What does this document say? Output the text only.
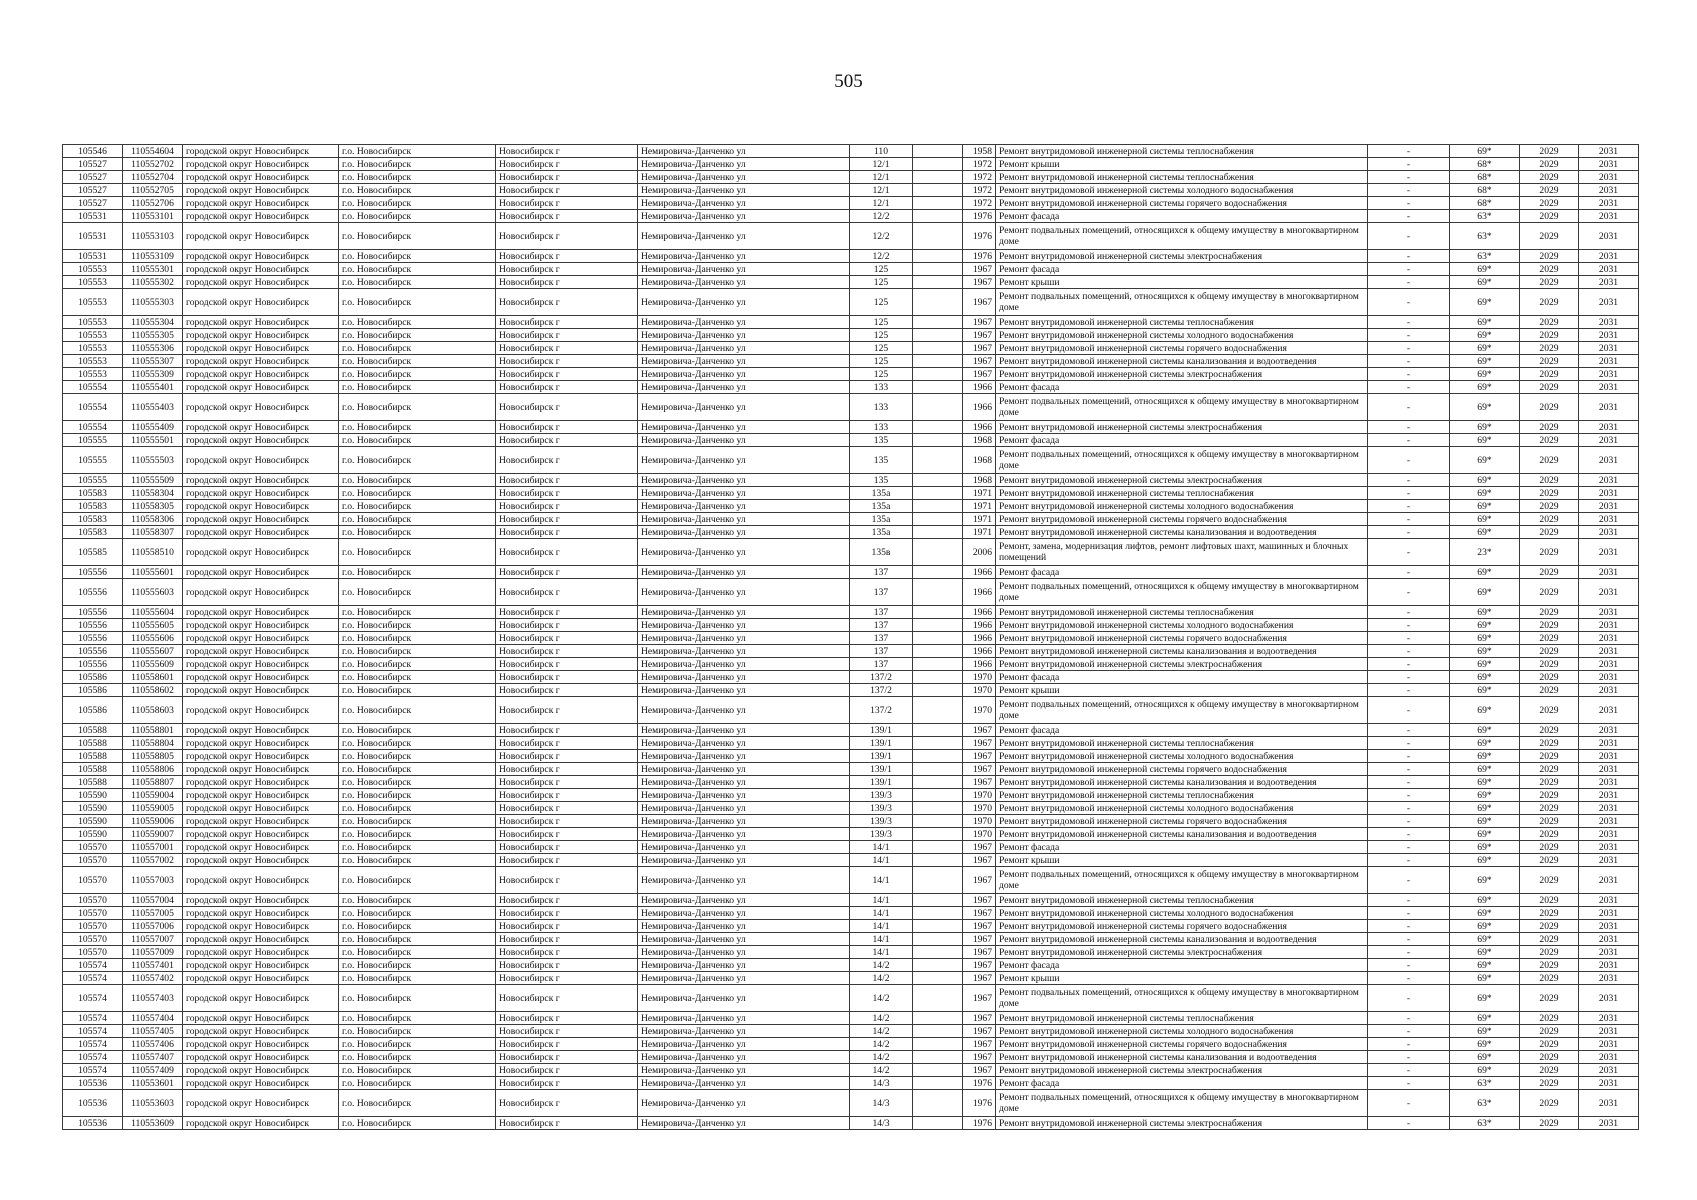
505
105546	110554604	городской округ Новосибирск	г.о. Новосибирск	Новосибирск г	Немировича-Данченко ул	110		1958	Ремонт внутридомовой инженерной системы теплоснабжения	-	69*	2029	2031
105527	110552702	городской округ Новосибирск	г.о. Новосибирск	Новосибирск г	Немировича-Данченко ул	12/1		1972	Ремонт крыши	-	68*	2029	2031
105527	110552704	городской округ Новосибирск	г.о. Новосибирск	Новосибирск г	Немировича-Данченко ул	12/1		1972	Ремонт внутридомовой инженерной системы теплоснабжения	-	68*	2029	2031
105527	110552705	городской округ Новосибирск	г.о. Новосибирск	Новосибирск г	Немировича-Данченко ул	12/1		1972	Ремонт внутридомовой инженерной системы холодного водоснабжения	-	68*	2029	2031
105527	110552706	городской округ Новосибирск	г.о. Новосибирск	Новосибирск г	Немировича-Данченко ул	12/1		1972	Ремонт внутридомовой инженерной системы горячего водоснабжения	-	68*	2029	2031
105531	110553101	городской округ Новосибирск	г.о. Новосибирск	Новосибирск г	Немировича-Данченко ул	12/2		1976	Ремонт фасада	-	63*	2029	2031
105531	110553103	городской округ Новосибирск	г.о. Новосибирск	Новосибирск г	Немировича-Данченко ул	12/2		1976	Ремонт подвальных помещений, относящихся к общему имуществу в многоквартирном доме	-	63*	2029	2031
105531	110553109	городской округ Новосибирск	г.о. Новосибирск	Новосибирск г	Немировича-Данченко ул	12/2		1976	Ремонт внутридомовой инженерной системы электроснабжения	-	63*	2029	2031
105553	110555301	городской округ Новосибирск	г.о. Новосибирск	Новосибирск г	Немировича-Данченко ул	125		1967	Ремонт фасада	-	69*	2029	2031
105553	110555302	городской округ Новосибирск	г.о. Новосибирск	Новосибирск г	Немировича-Данченко ул	125		1967	Ремонт крыши	-	69*	2029	2031
105553	110555303	городской округ Новосибирск	г.о. Новосибирск	Новосибирск г	Немировича-Данченко ул	125		1967	Ремонт подвальных помещений, относящихся к общему имуществу в многоквартирном доме	-	69*	2029	2031
105553	110555304	городской округ Новосибирск	г.о. Новосибирск	Новосибирск г	Немировича-Данченко ул	125		1967	Ремонт внутридомовой инженерной системы теплоснабжения	-	69*	2029	2031
105553	110555305	городской округ Новосибирск	г.о. Новосибирск	Новосибирск г	Немировича-Данченко ул	125		1967	Ремонт внутридомовой инженерной системы холодного водоснабжения	-	69*	2029	2031
105553	110555306	городской округ Новосибирск	г.о. Новосибирск	Новосибирск г	Немировича-Данченко ул	125		1967	Ремонт внутридомовой инженерной системы горячего водоснабжения	-	69*	2029	2031
105553	110555307	городской округ Новосибирск	г.о. Новосибирск	Новосибирск г	Немировича-Данченко ул	125		1967	Ремонт внутридомовой инженерной системы канализования и водоотведения	-	69*	2029	2031
105553	110555309	городской округ Новосибирск	г.о. Новосибирск	Новосибирск г	Немировича-Данченко ул	125		1967	Ремонт внутридомовой инженерной системы электроснабжения	-	69*	2029	2031
105554	110555401	городской округ Новосибирск	г.о. Новосибирск	Новосибирск г	Немировича-Данченко ул	133		1966	Ремонт фасада	-	69*	2029	2031
105554	110555403	городской округ Новосибирск	г.о. Новосибирск	Новосибирск г	Немировича-Данченко ул	133		1966	Ремонт подвальных помещений, относящихся к общему имуществу в многоквартирном доме	-	69*	2029	2031
105554	110555409	городской округ Новосибирск	г.о. Новосибирск	Новосибирск г	Немировича-Данченко ул	133		1966	Ремонт внутридомовой инженерной системы электроснабжения	-	69*	2029	2031
105555	110555501	городской округ Новосибирск	г.о. Новосибирск	Новосибирск г	Немировича-Данченко ул	135		1968	Ремонт фасада	-	69*	2029	2031
105555	110555503	городской округ Новосибирск	г.о. Новосибирск	Новосибирск г	Немировича-Данченко ул	135		1968	Ремонт подвальных помещений, относящихся к общему имуществу в многоквартирном доме	-	69*	2029	2031
105555	110555509	городской округ Новосибирск	г.о. Новосибирск	Новосибирск г	Немировича-Данченко ул	135		1968	Ремонт внутридомовой инженерной системы электроснабжения	-	69*	2029	2031
105583	110558304	городской округ Новосибирск	г.о. Новосибирск	Новосибирск г	Немировича-Данченко ул	135а		1971	Ремонт внутридомовой инженерной системы теплоснабжения	-	69*	2029	2031
105583	110558305	городской округ Новосибирск	г.о. Новосибирск	Новосибирск г	Немировича-Данченко ул	135а		1971	Ремонт внутридомовой инженерной системы холодного водоснабжения	-	69*	2029	2031
105583	110558306	городской округ Новосибирск	г.о. Новосибирск	Новосибирск г	Немировича-Данченко ул	135а		1971	Ремонт внутридомовой инженерной системы горячего водоснабжения	-	69*	2029	2031
105583	110558307	городской округ Новосибирск	г.о. Новосибирск	Новосибирск г	Немировича-Данченко ул	135а		1971	Ремонт внутридомовой инженерной системы канализования и водоотведения	-	69*	2029	2031
105585	110558510	городской округ Новосибирск	г.о. Новосибирск	Новосибирск г	Немировича-Данченко ул	135в		2006	Ремонт, замена, модернизация лифтов, ремонт лифтовых шахт, машинных и блочных помещений	-	23*	2029	2031
105556	110555601	городской округ Новосибирск	г.о. Новосибирск	Новосибирск г	Немировича-Данченко ул	137		1966	Ремонт фасада	-	69*	2029	2031
105556	110555603	городской округ Новосибирск	г.о. Новосибирск	Новосибирск г	Немировича-Данченко ул	137		1966	Ремонт подвальных помещений, относящихся к общему имуществу в многоквартирном доме	-	69*	2029	2031
105556	110555604	городской округ Новосибирск	г.о. Новосибирск	Новосибирск г	Немировича-Данченко ул	137		1966	Ремонт внутридомовой инженерной системы теплоснабжения	-	69*	2029	2031
105556	110555605	городской округ Новосибирск	г.о. Новосибирск	Новосибирск г	Немировича-Данченко ул	137		1966	Ремонт внутридомовой инженерной системы холодного водоснабжения	-	69*	2029	2031
105556	110555606	городской округ Новосибирск	г.о. Новосибирск	Новосибирск г	Немировича-Данченко ул	137		1966	Ремонт внутридомовой инженерной системы горячего водоснабжения	-	69*	2029	2031
105556	110555607	городской округ Новосибирск	г.о. Новосибирск	Новосибирск г	Немировича-Данченко ул	137		1966	Ремонт внутридомовой инженерной системы канализования и водоотведения	-	69*	2029	2031
105556	110555609	городской округ Новосибирск	г.о. Новосибирск	Новосибирск г	Немировича-Данченко ул	137		1966	Ремонт внутридомовой инженерной системы электроснабжения	-	69*	2029	2031
105586	110558601	городской округ Новосибирск	г.о. Новосибирск	Новосибирск г	Немировича-Данченко ул	137/2		1970	Ремонт фасада	-	69*	2029	2031
105586	110558602	городской округ Новосибирск	г.о. Новосибирск	Новосибирск г	Немировича-Данченко ул	137/2		1970	Ремонт крыши	-	69*	2029	2031
105586	110558603	городской округ Новосибирск	г.о. Новосибирск	Новосибирск г	Немировича-Данченко ул	137/2		1970	Ремонт подвальных помещений, относящихся к общему имуществу в многоквартирном доме	-	69*	2029	2031
105588	110558801	городской округ Новосибирск	г.о. Новосибирск	Новосибирск г	Немировича-Данченко ул	139/1		1967	Ремонт фасада	-	69*	2029	2031
105588	110558804	городской округ Новосибирск	г.о. Новосибирск	Новосибирск г	Немировича-Данченко ул	139/1		1967	Ремонт внутридомовой инженерной системы теплоснабжения	-	69*	2029	2031
105588	110558805	городской округ Новосибирск	г.о. Новосибирск	Новосибирск г	Немировича-Данченко ул	139/1		1967	Ремонт внутридомовой инженерной системы холодного водоснабжения	-	69*	2029	2031
105588	110558806	городской округ Новосибирск	г.о. Новосибирск	Новосибирск г	Немировича-Данченко ул	139/1		1967	Ремонт внутридомовой инженерной системы горячего водоснабжения	-	69*	2029	2031
105588	110558807	городской округ Новосибирск	г.о. Новосибирск	Новосибирск г	Немировича-Данченко ул	139/1		1967	Ремонт внутридомовой инженерной системы канализования и водоотведения	-	69*	2029	2031
105590	110559004	городской округ Новосибирск	г.о. Новосибирск	Новосибирск г	Немировича-Данченко ул	139/3		1970	Ремонт внутридомовой инженерной системы теплоснабжения	-	69*	2029	2031
105590	110559005	городской округ Новосибирск	г.о. Новосибирск	Новосибирск г	Немировича-Данченко ул	139/3		1970	Ремонт внутридомовой инженерной системы холодного водоснабжения	-	69*	2029	2031
105590	110559006	городской округ Новосибирск	г.о. Новосибирск	Новосибирск г	Немировича-Данченко ул	139/3		1970	Ремонт внутридомовой инженерной системы горячего водоснабжения	-	69*	2029	2031
105590	110559007	городской округ Новосибирск	г.о. Новосибирск	Новосибирск г	Немировича-Данченко ул	139/3		1970	Ремонт внутридомовой инженерной системы канализования и водоотведения	-	69*	2029	2031
105570	110557001	городской округ Новосибирск	г.о. Новосибирск	Новосибирск г	Немировича-Данченко ул	14/1		1967	Ремонт фасада	-	69*	2029	2031
105570	110557002	городской округ Новосибирск	г.о. Новосибирск	Новосибирск г	Немировича-Данченко ул	14/1		1967	Ремонт крыши	-	69*	2029	2031
105570	110557003	городской округ Новосибирск	г.о. Новосибирск	Новосибирск г	Немировича-Данченко ул	14/1		1967	Ремонт подвальных помещений, относящихся к общему имуществу в многоквартирном доме	-	69*	2029	2031
105570	110557004	городской округ Новосибирск	г.о. Новосибирск	Новосибирск г	Немировича-Данченко ул	14/1		1967	Ремонт внутридомовой инженерной системы теплоснабжения	-	69*	2029	2031
105570	110557005	городской округ Новосибирск	г.о. Новосибирск	Новосибирск г	Немировича-Данченко ул	14/1		1967	Ремонт внутридомовой инженерной системы холодного водоснабжения	-	69*	2029	2031
105570	110557006	городской округ Новосибирск	г.о. Новосибирск	Новосибирск г	Немировича-Данченко ул	14/1		1967	Ремонт внутридомовой инженерной системы горячего водоснабжения	-	69*	2029	2031
105570	110557007	городской округ Новосибирск	г.о. Новосибирск	Новосибирск г	Немировича-Данченко ул	14/1		1967	Ремонт внутридомовой инженерной системы канализования и водоотведения	-	69*	2029	2031
105570	110557009	городской округ Новосибирск	г.о. Новосибирск	Новосибирск г	Немировича-Данченко ул	14/1		1967	Ремонт внутридомовой инженерной системы электроснабжения	-	69*	2029	2031
105574	110557401	городской округ Новосибирск	г.о. Новосибирск	Новосибирск г	Немировича-Данченко ул	14/2		1967	Ремонт фасада	-	69*	2029	2031
105574	110557402	городской округ Новосибирск	г.о. Новосибирск	Новосибирск г	Немировича-Данченко ул	14/2		1967	Ремонт крыши	-	69*	2029	2031
105574	110557403	городской округ Новосибирск	г.о. Новосибирск	Новосибирск г	Немировича-Данченко ул	14/2		1967	Ремонт подвальных помещений, относящихся к общему имуществу в многоквартирном доме	-	69*	2029	2031
105574	110557404	городской округ Новосибирск	г.о. Новосибирск	Новосибирск г	Немировича-Данченко ул	14/2		1967	Ремонт внутридомовой инженерной системы теплоснабжения	-	69*	2029	2031
105574	110557405	городской округ Новосибирск	г.о. Новосибирск	Новосибирск г	Немировича-Данченко ул	14/2		1967	Ремонт внутридомовой инженерной системы холодного водоснабжения	-	69*	2029	2031
105574	110557406	городской округ Новосибирск	г.о. Новосибирск	Новосибирск г	Немировича-Данченко ул	14/2		1967	Ремонт внутридомовой инженерной системы горячего водоснабжения	-	69*	2029	2031
105574	110557407	городской округ Новосибирск	г.о. Новосибирск	Новосибирск г	Немировича-Данченко ул	14/2		1967	Ремонт внутридомовой инженерной системы канализования и водоотведения	-	69*	2029	2031
105574	110557409	городской округ Новосибирск	г.о. Новосибирск	Новосибирск г	Немировича-Данченко ул	14/2		1967	Ремонт внутридомовой инженерной системы электроснабжения	-	69*	2029	2031
105536	110553601	городской округ Новосибирск	г.о. Новосибирск	Новосибирск г	Немировича-Данченко ул	14/3		1976	Ремонт фасада	-	63*	2029	2031
105536	110553603	городской округ Новосибирск	г.о. Новосибирск	Новосибирск г	Немировича-Данченко ул	14/3		1976	Ремонт подвальных помещений, относящихся к общему имуществу в многоквартирном доме	-	63*	2029	2031
105536	110553609	городской округ Новосибирск	г.о. Новосибирск	Новосибирск г	Немировича-Данченко ул	14/3		1976	Ремонт внутридомовой инженерной системы электроснабжения	-	63*	2029	2031
